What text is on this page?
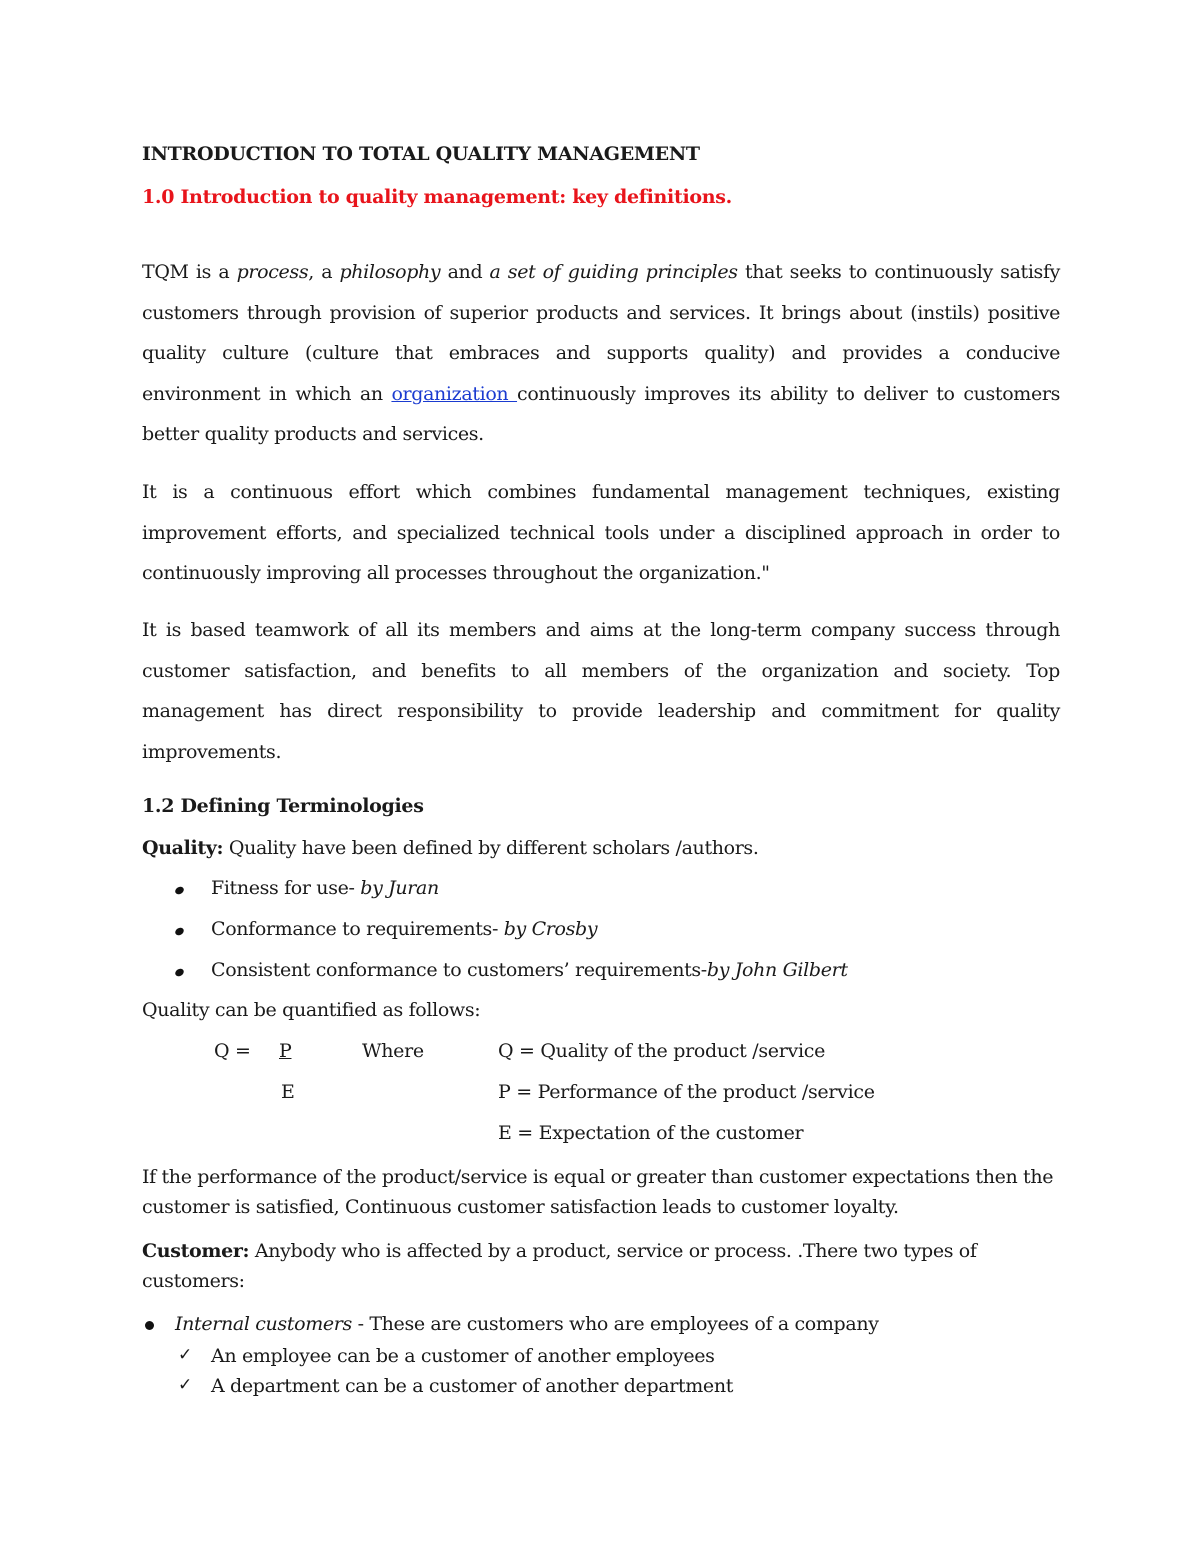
INTRODUCTION TO TOTAL QUALITY MANAGEMENT
1.0 Introduction to quality management: key definitions.

TQM is a process, a philosophy and a set of guiding principles that seeks to continuously satisfy customers through provision of superior products and services. It brings about (instils) positive quality culture (culture that embraces and supports quality) and provides a conducive environment in which an organization continuously improves its ability to deliver to customers better quality products and services.

It is a continuous effort which combines fundamental management techniques, existing improvement efforts, and specialized technical tools under a disciplined approach in order to continuously improving all processes throughout the organization."

It is based teamwork of all its members and aims at the long-term company success through customer satisfaction, and benefits to all members of the organization and society. Top management has direct responsibility to provide leadership and commitment for quality improvements.

1.2 Defining Terminologies
Quality: Quality have been defined by different scholars /authors.
Fitness for use- by Juran
Conformance to requirements- by Crosby
Consistent conformance to customers’ requirements-by John Gilbert
Quality can be quantified as follows:
Q = P
E
Where	Q = Quality of the product /service
P = Performance of the product /service
E = Expectation of the customer
If the performance of the product/service is equal or greater than customer expectations then the customer is satisfied, Continuous customer satisfaction leads to customer loyalty.
Customer: Anybody who is affected by a product, service or process. .There two types of customers:
Internal customers - These are customers who are employees of a company
✓ An employee can be a customer of another employees
✓ A department can be a customer of another department
